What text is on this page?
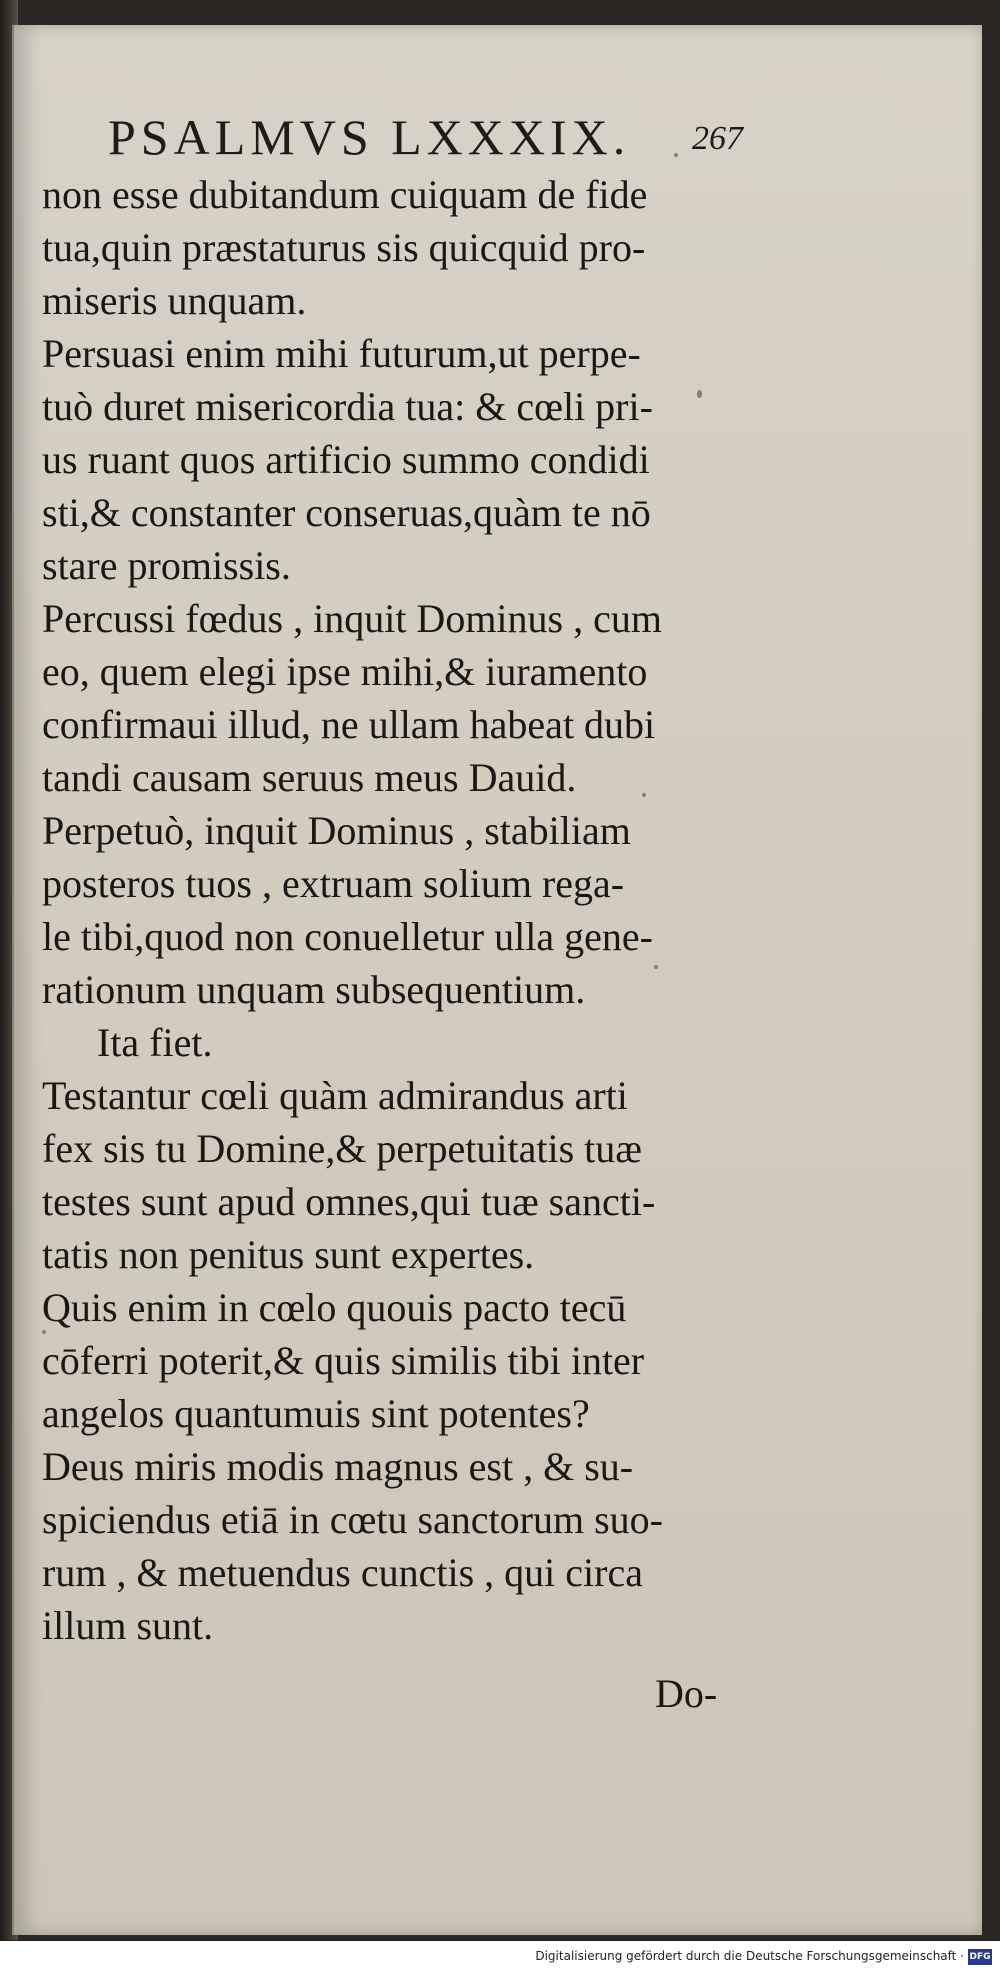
PSALMVS LXXXIX. 267
non esse dubitandum cuiquam de fide
tua,quin præstaturus sis quicquid pro-
miseris unquam.
Persuasi enim mihi futurum,ut perpe-
tuò duret misericordia tua: & cœli pri-
us ruant quos artificio summo condidi
sti,& constanter conseruas,quàm te nō
stare promissis.
Percussi fœdus , inquit Dominus , cum
eo, quem elegi ipse mihi,& iuramento
confirmaui illud, ne ullam habeat dubi
tandi causam seruus meus Dauid.
Perpetuò, inquit Dominus , stabiliam
posteros tuos , extruam solium rega-
le tibi,quod non conuelletur ulla gene-
rationum unquam subsequentium.
Ita fiet.
Testantur cœli quàm admirandus arti
fex sis tu Domine,& perpetuitatis tuæ
testes sunt apud omnes,qui tuæ sancti-
tatis non penitus sunt expertes.
Quis enim in cœlo quouis pacto tecū
cōferri poterit,& quis similis tibi inter
angelos quantumuis sint potentes?
Deus miris modis magnus est , & su-
spiciendus etiā in cœtu sanctorum suo-
rum , & metuendus cunctis , qui circa
illum sunt.
Do-
Digitalisierung gefördert durch die Deutsche Forschungsgemeinschaft · DFG
